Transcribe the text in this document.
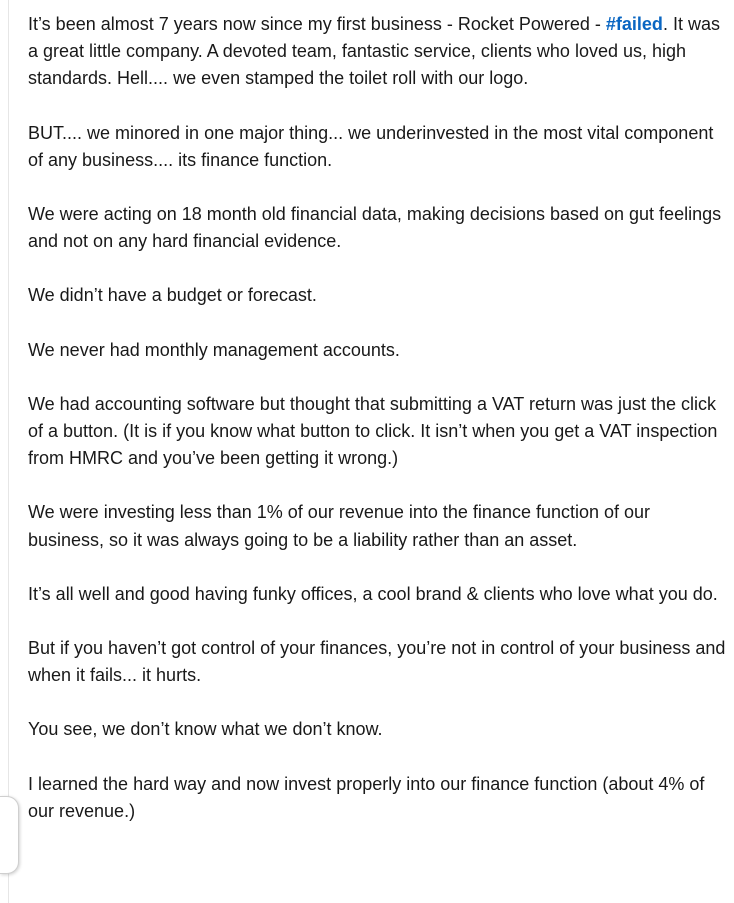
It’s been almost 7 years now since my first business - Rocket Powered - #failed. It was a great little company. A devoted team, fantastic service, clients who loved us, high standards. Hell.... we even stamped the toilet roll with our logo.

BUT.... we minored in one major thing... we underinvested in the most vital component of any business.... its finance function.

We were acting on 18 month old financial data, making decisions based on gut feelings and not on any hard financial evidence.

We didn’t have a budget or forecast.

We never had monthly management accounts.

We had accounting software but thought that submitting a VAT return was just the click of a button. (It is if you know what button to click. It isn’t when you get a VAT inspection from HMRC and you’ve been getting it wrong.)

We were investing less than 1% of our revenue into the finance function of our business, so it was always going to be a liability rather than an asset.

It’s all well and good having funky offices, a cool brand & clients who love what you do.

But if you haven’t got control of your finances, you’re not in control of your business and when it fails... it hurts.

You see, we don’t know what we don’t know.

I learned the hard way and now invest properly into our finance function (about 4% of our revenue.)
